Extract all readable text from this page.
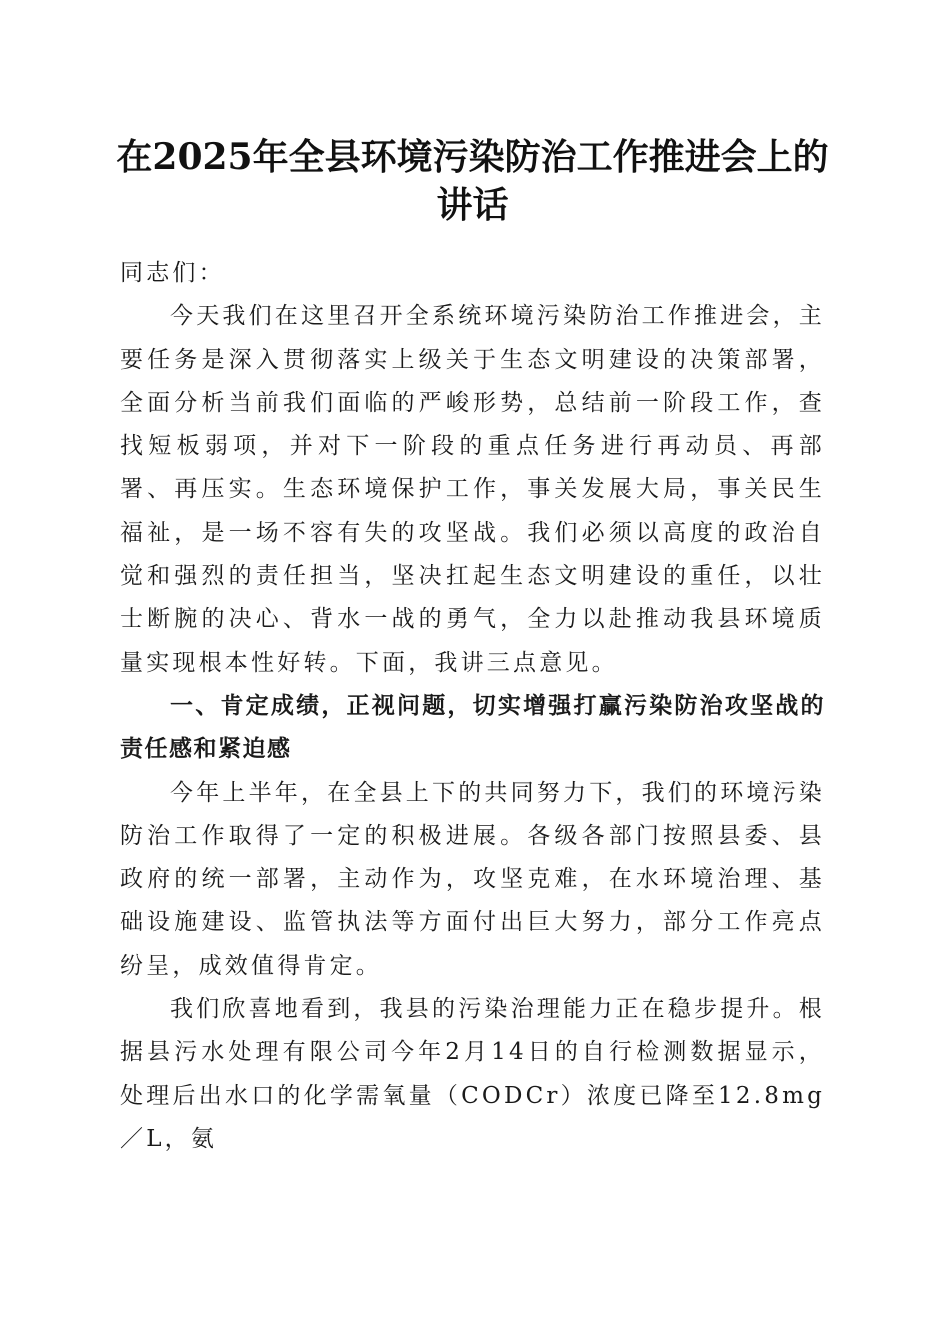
在2025年全县环境污染防治工作推进会上的
讲话

同志们：

今天我们在这里召开全系统环境污染防治工作推进会，主要任务是深入贯彻落实上级关于生态文明建设的决策部署，全面分析当前我们面临的严峻形势，总结前一阶段工作，查找短板弱项，并对下一阶段的重点任务进行再动员、再部署、再压实。生态环境保护工作，事关发展大局，事关民生福祉，是一场不容有失的攻坚战。我们必须以高度的政治自觉和强烈的责任担当，坚决扛起生态文明建设的重任，以壮士断腕的决心、背水一战的勇气，全力以赴推动我县环境质量实现根本性好转。下面，我讲三点意见。

一、肯定成绩，正视问题，切实增强打赢污染防治攻坚战的责任感和紧迫感

今年上半年，在全县上下的共同努力下，我们的环境污染防治工作取得了一定的积极进展。各级各部门按照县委、县政府的统一部署，主动作为，攻坚克难，在水环境治理、基础设施建设、监管执法等方面付出巨大努力，部分工作亮点纷呈，成效值得肯定。

我们欣喜地看到，我县的污染治理能力正在稳步提升。根据县污水处理有限公司今年2月14日的自行检测数据显示，处理后出水口的化学需氧量（CODCr）浓度已降至12.8mg／L，氨
